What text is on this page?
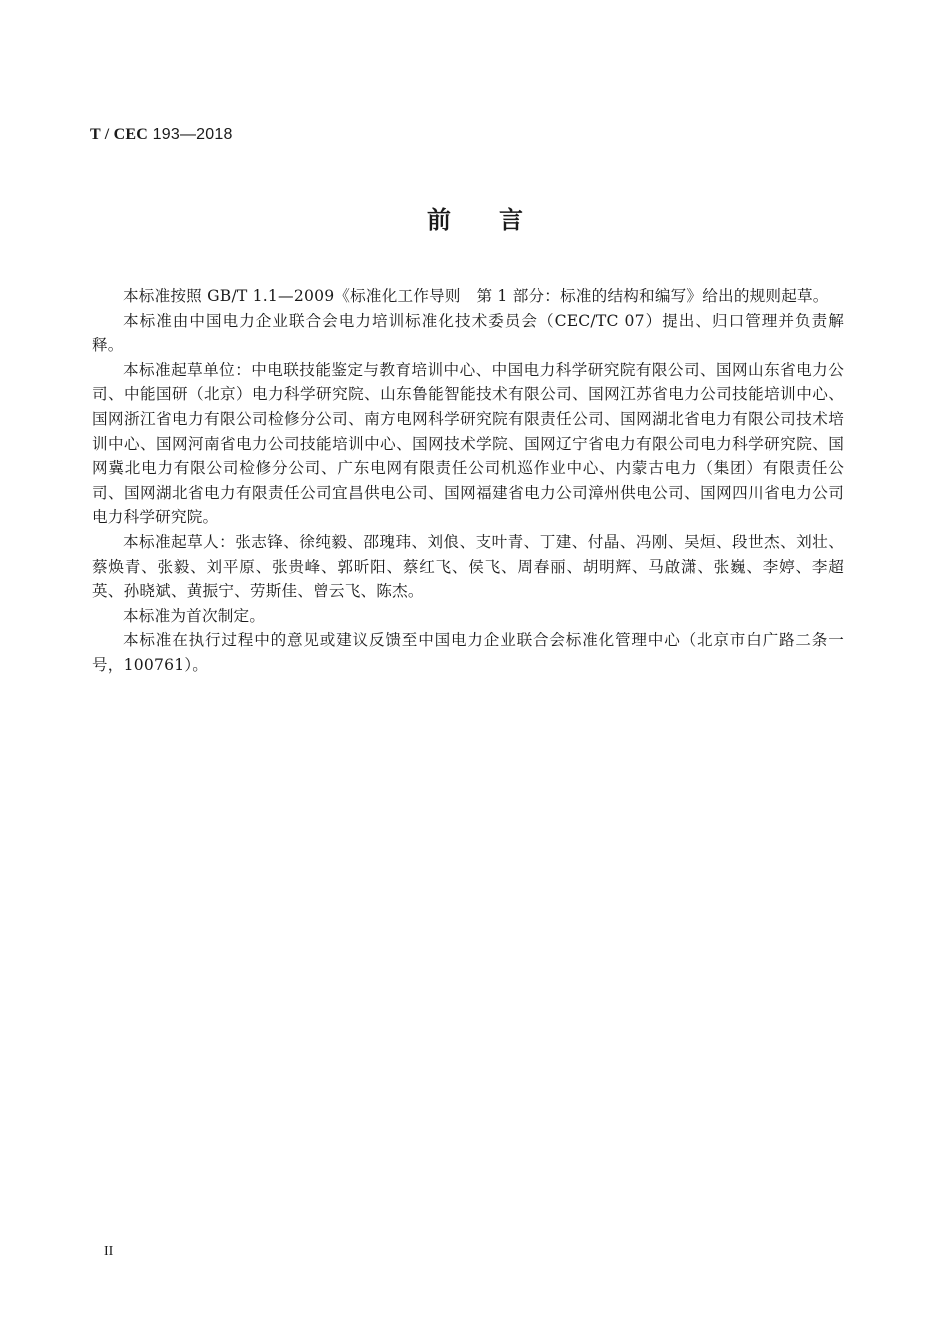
T / CEC 193—2018
前言

本标准按照 GB/T 1.1—2009《标准化工作导则　第 1 部分：标准的结构和编写》给出的规则起草。

本标准由中国电力企业联合会电力培训标准化技术委员会（CEC/TC 07）提出、归口管理并负责解释。

本标准起草单位：中电联技能鉴定与教育培训中心、中国电力科学研究院有限公司、国网山东省电力公司、中能国研（北京）电力科学研究院、山东鲁能智能技术有限公司、国网江苏省电力公司技能培训中心、国网浙江省电力有限公司检修分公司、南方电网科学研究院有限责任公司、国网湖北省电力有限公司技术培训中心、国网河南省电力公司技能培训中心、国网技术学院、国网辽宁省电力有限公司电力科学研究院、国网冀北电力有限公司检修分公司、广东电网有限责任公司机巡作业中心、内蒙古电力（集团）有限责任公司、国网湖北省电力有限责任公司宜昌供电公司、国网福建省电力公司漳州供电公司、国网四川省电力公司电力科学研究院。

本标准起草人：张志锋、徐纯毅、邵瑰玮、刘俍、支叶青、丁建、付晶、冯刚、吴烜、段世杰、刘壮、蔡焕青、张毅、刘平原、张贵峰、郭昕阳、蔡红飞、侯飞、周春丽、胡明辉、马啟潇、张巍、李婷、李超英、孙晓斌、黄振宁、劳斯佳、曾云飞、陈杰。

本标准为首次制定。

本标准在执行过程中的意见或建议反馈至中国电力企业联合会标准化管理中心（北京市白广路二条一号，100761）。

II
